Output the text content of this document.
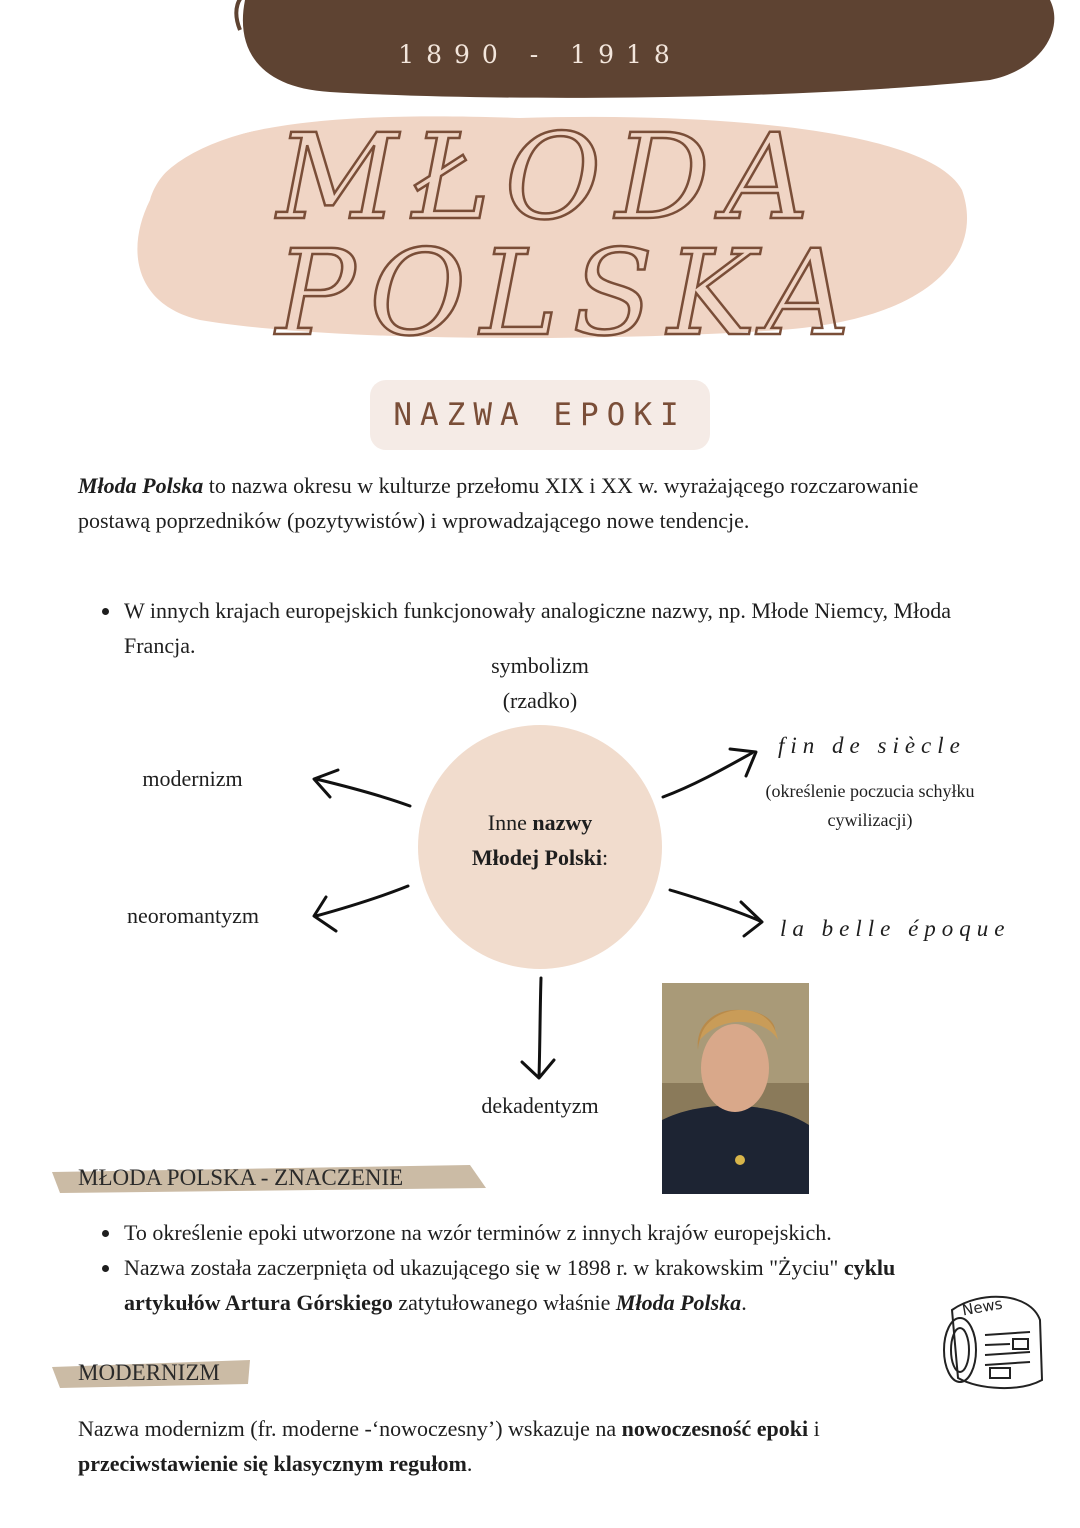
1890 - 1918
MŁODA
POLSKA
NAZWA EPOKI
Młoda Polska to nazwa okresu w kulturze przełomu XIX i XX w. wyrażającego rozczarowanie postawą poprzedników (pozytywistów) i wprowadzającego nowe tendencje.
• W innych krajach europejskich funkcjonowały analogiczne nazwy, np. Młode Niemcy, Młoda Francja.
symbolizm
(rzadko)
modernizm
neoromantyzm
Inne nazwy
Młodej Polski:
fin de siècle
(określenie poczucia schyłku cywilizacji)
la belle époque
dekadentyzm
MŁODA POLSKA - ZNACZENIE
• To określenie epoki utworzone na wzór terminów z innych krajów europejskich.
• Nazwa została zaczerpnięta od ukazującego się w 1898 r. w krakowskim "Życiu" cyklu artykułów Artura Górskiego zatytułowanego właśnie Młoda Polska.	News
MODERNIZM
Nazwa modernizm (fr. moderne -‘nowoczesny’) wskazuje na nowoczesność epoki i przeciwstawienie się klasycznym regułom.
